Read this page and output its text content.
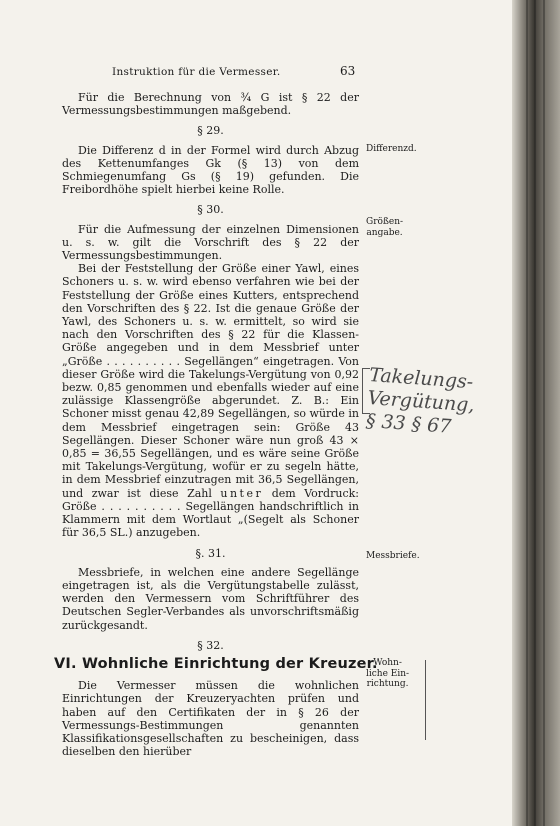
Instruktion für die Vermesser.	63

Für die Berechnung von ¾ G ist § 22 der Vermessungsbestimmungen maßgebend.

§ 29.

Die Differenz d in der Formel wird durch Abzug des Kettenumfanges Gk (§ 13) von dem Schmiegenumfang Gs (§ 19) gefunden. Die Freibordhöhe spielt hierbei keine Rolle.

§ 30.

Für die Aufmessung der einzelnen Dimensionen u. s. w. gilt die Vorschrift des § 22 der Vermessungsbestimmungen.

Bei der Feststellung der Größe einer Yawl, eines Schoners u. s. w. wird ebenso verfahren wie bei der Feststellung der Größe eines Kutters, entsprechend den Vorschriften des § 22. Ist die genaue Größe der Yawl, des Schoners u. s. w. ermittelt, so wird sie nach den Vorschriften des § 22 für die Klassen-Größe angegeben und in dem Messbrief unter „Größe . . . . . . . . . . Segellängen“ eingetragen. Von dieser Größe wird die Takelungs-Vergütung von 0,92 bezw. 0,85 genommen und ebenfalls wieder auf eine zulässige Klassengröße abgerundet. Z. B.: Ein Schoner misst genau 42,89 Segellängen, so würde in dem Messbrief eingetragen sein: Größe 43 Segellängen. Dieser Schoner wäre nun groß 43 × 0,85 = 36,55 Segellängen, und es wäre seine Größe mit Takelungs-Vergütung, wofür er zu segeln hätte, in dem Messbrief einzutragen mit 36,5 Segellängen, und zwar ist diese Zahl unter dem Vordruck: Größe . . . . . . . . . . Segellängen handschriftlich in Klammern mit dem Wortlaut „(Segelt als Schoner für 36,5 SL.) anzugeben.

§. 31.

Messbriefe, in welchen eine andere Segellänge eingetragen ist, als die Vergütungstabelle zulässt, werden den Vermessern vom Schriftführer des Deutschen Segler-Verbandes als unvorschriftsmäßig zurückgesandt.

§ 32.

VI. Wohnliche Einrichtung der Kreuzer.

Die Vermesser müssen die wohnlichen Einrichtungen der Kreuzeryachten prüfen und haben auf den Certifikaten der in § 26 der Vermessungs-Bestimmungen genannten Klassifikationsgesellschaften zu bescheinigen, dass dieselben den hierüber

Differenzd.
Größen-
angabe.
Messbriefe.
Wohn-
liche Ein-
richtung.
Takelungs-
Vergütung,
§ 33 § 67
